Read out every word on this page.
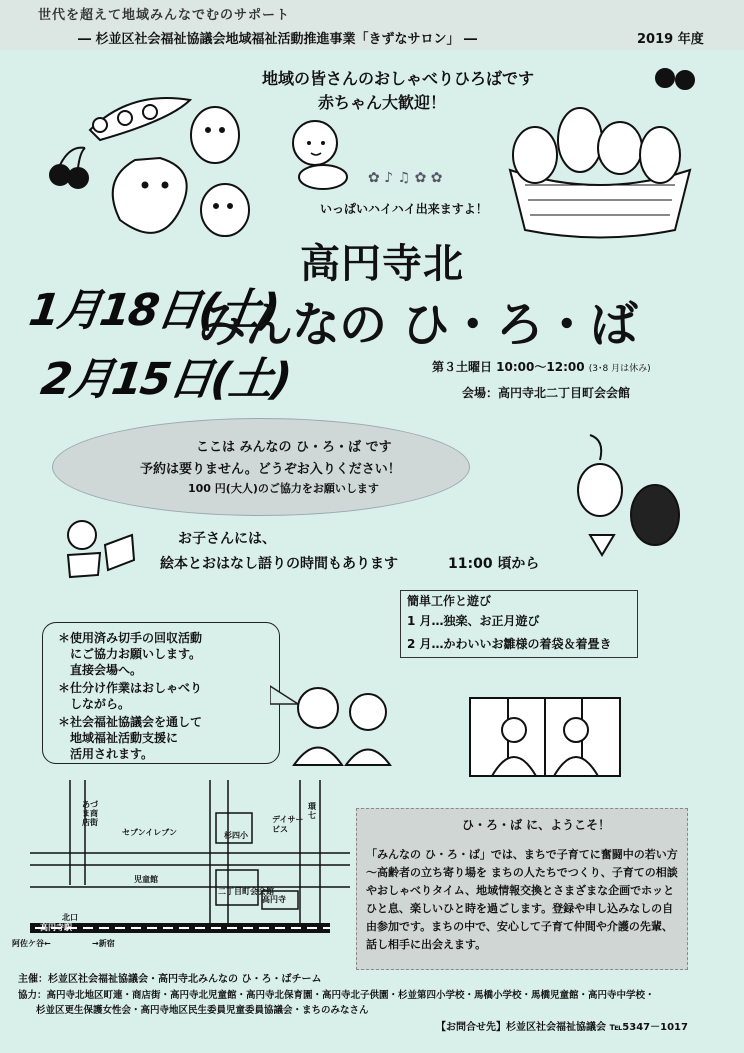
世代を超えて地域みんなでむのサポート
― 杉並区社会福祉協議会地域福祉活動推進事業「きずなサロン」 ―	2019 年度
✿ ♪ ♫ ✿ ✿
地域の皆さんのおしゃべりひろばです
赤ちゃん大歓迎！
いっぱいハイハイ出来ますよ！
1月18日(土)
2月15日(土)
高円寺北
みんなの ひ・ろ・ば
第３土曜日 10:00～12:00 (3･8 月は休み)
会場：高円寺北二丁目町会会館
ここは みんなの ひ・ろ・ば です
予約は要りません。どうぞお入りください！
100 円(大人)のご協力をお願いします
お子さんには、
絵本とおはなし語りの時間もあります	11:00 頃から
簡単工作と遊び
1 月…独楽、お正月遊び
2 月…かわいいお雛様の着袋＆着畳き
＊使用済み切手の回収活動
にご協力お願いします。
直接会場へ。
＊仕分け作業はおしゃべり
しながら。
＊社会福祉協議会を通して
地域福祉活動支援に
活用されます。
あづま商店街
セブンイレブン	杉四小
デイサービス
環七
児童館
二丁目町会会館
高円寺
北口
高円寺駅
阿佐ケ谷←	→新宿
ひ・ろ・ば に、ようこそ！
「みんなの ひ・ろ・ば」では、まちで子育てに奮闘中の若い方～高齢者の立ち寄り場を まちの人たちでつくり、子育ての相談やおしゃべりタイム、地域情報交換とさまざまな企画でホッとひと息、楽しいひと時を過ごします。登録や申し込みなしの自由参加です。まちの中で、安心して子育て仲間や介護の先輩、話し相手に出会えます。
主催：杉並区社会福祉協議会・高円寺北みんなの ひ・ろ・ばチーム
協力：高円寺北地区町連・商店街・高円寺北児童館・高円寺北保育園・高円寺北子供園・杉並第四小学校・馬橋小学校・馬橋児童館・高円寺中学校・
杉並区更生保護女性会・高円寺地区民生委員児童委員協議会・まちのみなさん
【お問合せ先】杉並区社会福祉協議会 ℡5347－1017
